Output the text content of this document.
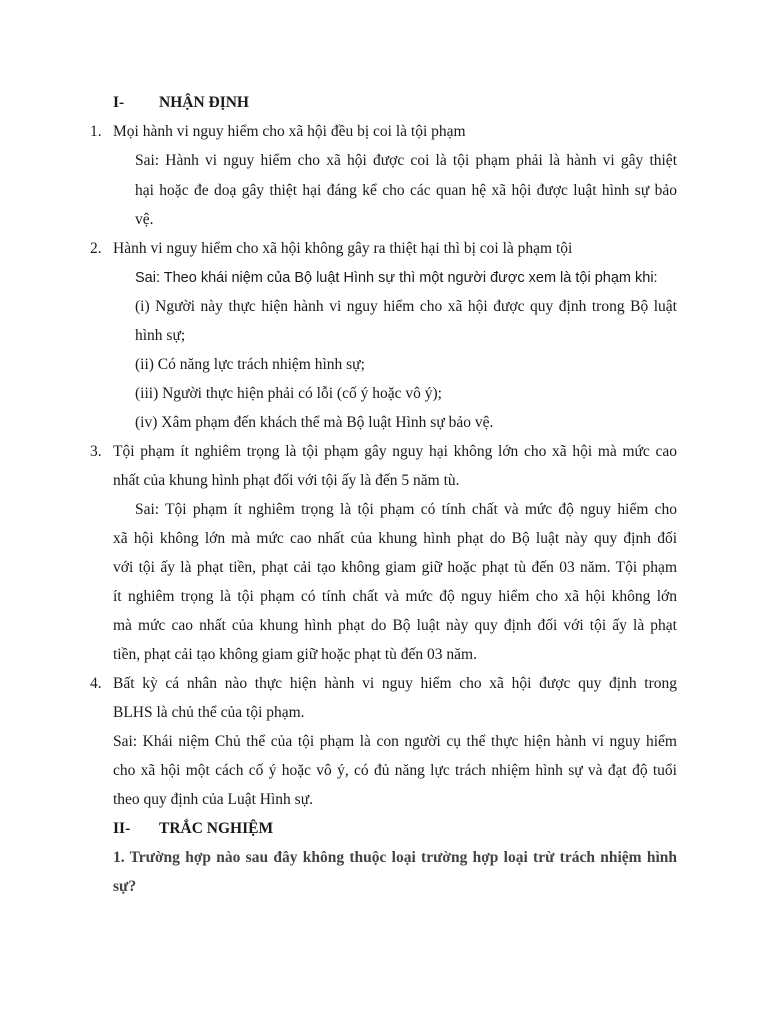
I- NHẬN ĐỊNH
1. Mọi hành vi nguy hiểm cho xã hội đều bị coi là tội phạm
Sai: Hành vi nguy hiểm cho xã hội được coi là tội phạm phải là hành vi gây thiệt
hại hoặc đe doạ gây thiệt hại đáng kể cho các quan hệ xã hội được luật hình sự bảo
vệ.
2. Hành vi nguy hiểm cho xã hội không gây ra thiệt hại thì bị coi là phạm tội
Sai: Theo khái niệm của Bộ luật Hình sự thì một người được xem là tội phạm khi:
(i) Người này thực hiện hành vi nguy hiểm cho xã hội được quy định trong Bộ luật
hình sự;
(ii) Có năng lực trách nhiệm hình sự;
(iii) Người thực hiện phải có lỗi (cố ý hoặc vô ý);
(iv) Xâm phạm đến khách thể mà Bộ luật Hình sự bảo vệ.
3. Tội phạm ít nghiêm trọng là tội phạm gây nguy hại không lớn cho xã hội mà mức cao
nhất của khung hình phạt đối với tội ấy là đến 5 năm tù.
Sai: Tội phạm ít nghiêm trọng là tội phạm có tính chất và mức độ nguy hiểm cho
xã hội không lớn mà mức cao nhất của khung hình phạt do Bộ luật này quy định đối
với tội ấy là phạt tiền, phạt cải tạo không giam giữ hoặc phạt tù đến 03 năm. Tội phạm
ít nghiêm trọng là tội phạm có tính chất và mức độ nguy hiểm cho xã hội không lớn
mà mức cao nhất của khung hình phạt do Bộ luật này quy định đối với tội ấy là phạt
tiền, phạt cải tạo không giam giữ hoặc phạt tù đến 03 năm.
4. Bất kỳ cá nhân nào thực hiện hành vi nguy hiểm cho xã hội được quy định trong
BLHS là chủ thể của tội phạm.
Sai: Khái niệm Chủ thể của tội phạm là con người cụ thể thực hiện hành vi nguy hiểm
cho xã hội một cách cố ý hoặc vô ý, có đủ năng lực trách nhiệm hình sự và đạt độ tuổi
theo quy định của Luật Hình sự.
II- TRẮC NGHIỆM
1. Trường hợp nào sau đây không thuộc loại trường hợp loại trừ trách nhiệm hình
sự?
